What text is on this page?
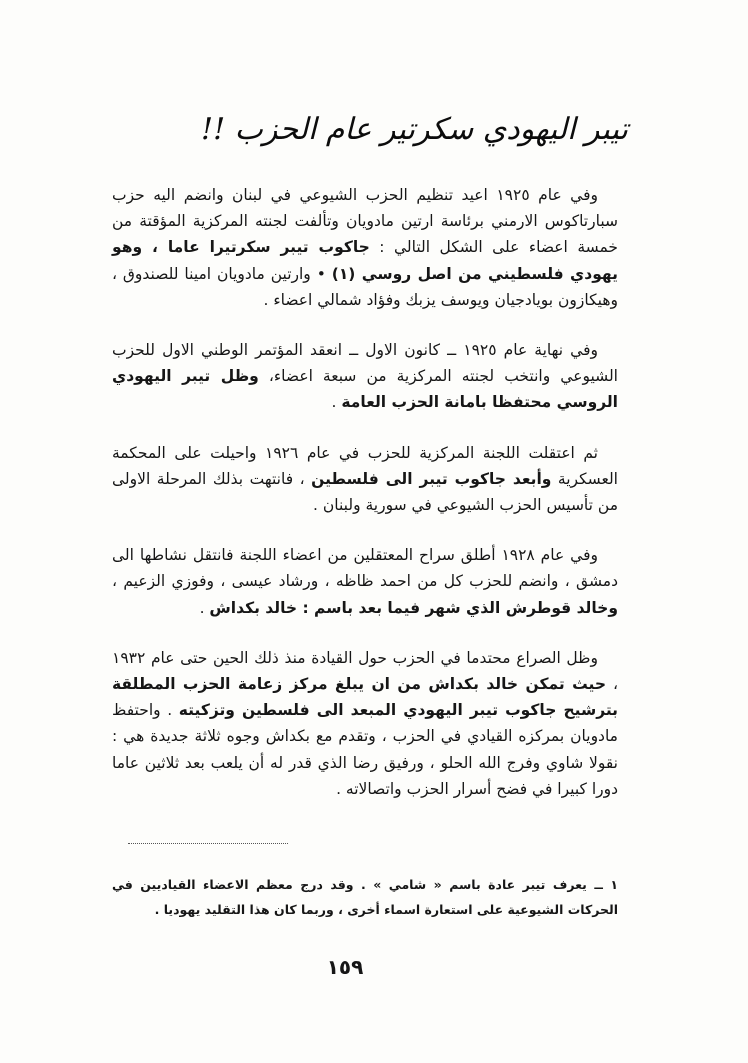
تيبر اليهودي سكرتير عام الحزب !!

وفي عام ١٩٢٥ اعيد تنظيم الحزب الشيوعي في لبنان وانضم اليه حزب سبارتاكوس الارمني برئاسة ارتين مادويان وتألفت لجنته المركزية المؤقتة من خمسة اعضاء على الشكل التالي : جاكوب تيبر سكرتيرا عاما ، وهو يهودي فلسطيني من اصل روسي (١) • وارتين مادويان امينا للصندوق ، وهيكازون بويادجيان ويوسف يزبك وفؤاد شمالي اعضاء .

وفي نهاية عام ١٩٢٥ ــ كانون الاول ــ انعقد المؤتمر الوطني الاول للحزب الشيوعي وانتخب لجنته المركزية من سبعة اعضاء، وظل تيبر اليهودي الروسي محتفظا بامانة الحزب العامة .

ثم اعتقلت اللجنة المركزية للحزب في عام ١٩٢٦ واحيلت على المحكمة العسكرية وأبعد جاكوب تيبر الى فلسطين ، فانتهت بذلك المرحلة الاولى من تأسيس الحزب الشيوعي في سورية ولبنان .

وفي عام ١٩٢٨ أطلق سراح المعتقلين من اعضاء اللجنة فانتقل نشاطها الى دمشق ، وانضم للحزب كل من احمد ظاظه ، ورشاد عيسى ، وفوزي الزعيم ، وخالد قوطرش الذي شهر فيما بعد باسم : خالد بكداش .

وظل الصراع محتدما في الحزب حول القيادة منذ ذلك الحين حتى عام ١٩٣٢ ، حيث تمكن خالد بكداش من ان يبلغ مركز زعامة الحزب المطلقة بترشيح جاكوب تيبر اليهودي المبعد الى فلسطين وتزكيته . واحتفظ مادويان بمركزه القيادي في الحزب ، وتقدم مع بكداش وجوه ثلاثة جديدة هي : نقولا شاوي وفرج الله الحلو ، ورفيق رضا الذي قدر له أن يلعب بعد ثلاثين عاما دورا كبيرا في فضح أسرار الحزب واتصالاته .

١ ــ يعرف تيبر عادة باسم « شامي » . وقد درج معظم الاعضاء القياديين في الحركات الشيوعية على استعارة اسماء أخرى ، وربما كان هذا التقليد يهوديا .
١٥٩
